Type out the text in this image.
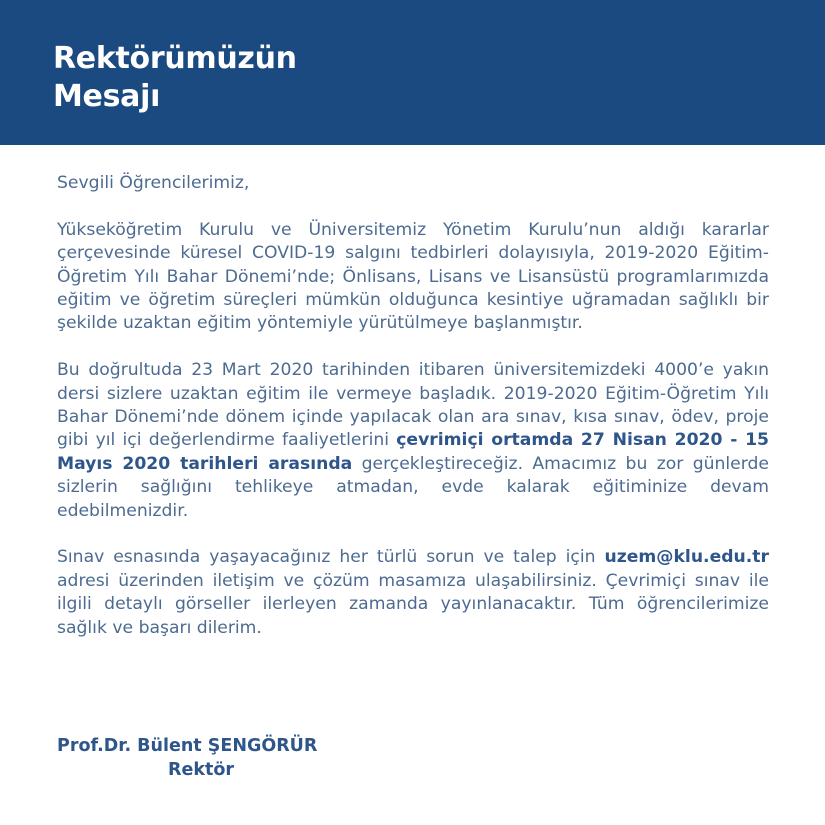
Rektörümüzün
Mesajı

Sevgili Öğrencilerimiz,

Yükseköğretim Kurulu ve Üniversitemiz Yönetim Kurulu’nun aldığı kararlar çerçevesinde küresel COVID-19 salgını tedbirleri dolayısıyla, 2019-2020 Eğitim-Öğretim Yılı Bahar Dönemi’nde; Önlisans, Lisans ve Lisansüstü programlarımızda eğitim ve öğretim süreçleri mümkün olduğunca kesintiye uğramadan sağlıklı bir şekilde uzaktan eğitim yöntemiyle yürütülmeye başlanmıştır.

Bu doğrultuda 23 Mart 2020 tarihinden itibaren üniversitemizdeki 4000’e yakın dersi sizlere uzaktan eğitim ile vermeye başladık. 2019-2020 Eğitim-Öğretim Yılı Bahar Dönemi’nde dönem içinde yapılacak olan ara sınav, kısa sınav, ödev, proje gibi yıl içi değerlendirme faaliyetlerini çevrimiçi ortamda 27 Nisan 2020 - 15 Mayıs 2020 tarihleri arasında gerçekleştireceğiz. Amacımız bu zor günlerde sizlerin sağlığını tehlikeye atmadan, evde kalarak eğitiminize devam edebilmenizdir.

Sınav esnasında yaşayacağınız her türlü sorun ve talep için uzem@klu.edu.tr adresi üzerinden iletişim ve çözüm masamıza ulaşabilirsiniz. Çevrimiçi sınav ile ilgili detaylı görseller ilerleyen zamanda yayınlanacaktır. Tüm öğrencilerimize sağlık ve başarı dilerim.

Prof.Dr. Bülent ŞENGÖRÜR
Rektör
